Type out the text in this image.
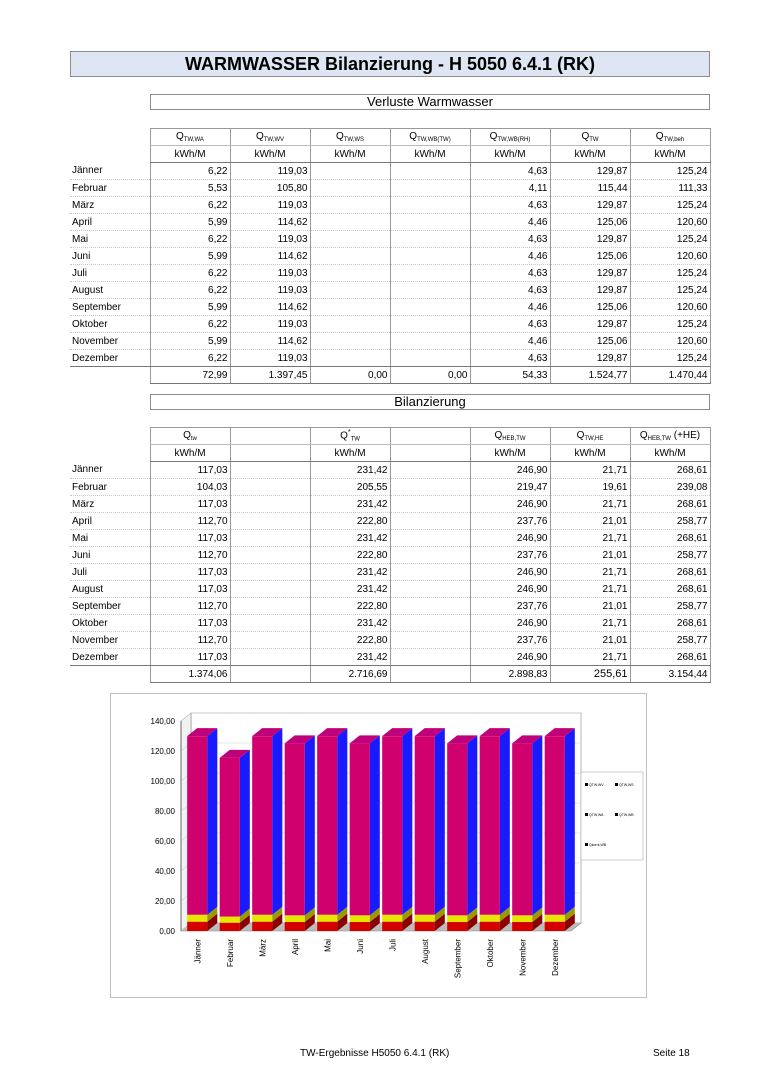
WARMWASSER Bilanzierung - H 5050 6.4.1 (RK)
Verluste Warmwasser
	$Q_{TW,WA}$	$Q_{TW,WV}$	$Q_{TW,WS}$	$Q_{TW,WB(TW)}$	$Q_{TW,WB(RH)}$	$Q_{TW}$	$Q_{TW,beh}$
	kWh/M	kWh/M	kWh/M	kWh/M	kWh/M	kWh/M	kWh/M
Jänner	6,22	119,03			4,63	129,87	125,24
Februar	5,53	105,80			4,11	115,44	111,33
März	6,22	119,03			4,63	129,87	125,24
April	5,99	114,62			4,46	125,06	120,60
Mai	6,22	119,03			4,63	129,87	125,24
Juni	5,99	114,62			4,46	125,06	120,60
Juli	6,22	119,03			4,63	129,87	125,24
August	6,22	119,03			4,63	129,87	125,24
September	5,99	114,62			4,46	125,06	120,60
Oktober	6,22	119,03			4,63	129,87	125,24
November	5,99	114,62			4,46	125,06	120,60
Dezember	6,22	119,03			4,63	129,87	125,24
	72,99	1.397,45	0,00	0,00	54,33	1.524,77	1.470,44
Bilanzierung
	$Q_{tw}$		$Q^*_{TW}$		$Q_{HEB,TW}$	$Q_{TW,HE}$	$Q_{HEB,TW}$ (+HE)
	kWh/M		kWh/M		kWh/M	kWh/M	kWh/M
Jänner	117,03		231,42		246,90	21,71	268,61
Februar	104,03		205,55		219,47	19,61	239,08
März	117,03		231,42		246,90	21,71	268,61
April	112,70		222,80		237,76	21,01	258,77
Mai	117,03		231,42		246,90	21,71	268,61
Juni	112,70		222,80		237,76	21,01	258,77
Juli	117,03		231,42		246,90	21,71	268,61
August	117,03		231,42		246,90	21,71	268,61
September	112,70		222,80		237,76	21,01	258,77
Oktober	117,03		231,42		246,90	21,71	268,61
November	112,70		222,80		237,76	21,01	258,77
Dezember	117,03		231,42		246,90	21,71	268,61
	1.374,06		2.716,69		2.898,83	255,61	3.154,44
0,00
20,00
40,00
60,00
80,00
100,00
120,00
140,00
Jänner	Februar	März	April	Mai	Juni	Juli	August	September	Oktober	November	Dezember
QTW,WV	QTW,WS
QTW,WA	QTW,WB
Qkorrk,WB
TW-Ergebnisse H5050 6.4.1 (RK)	Seite 18
